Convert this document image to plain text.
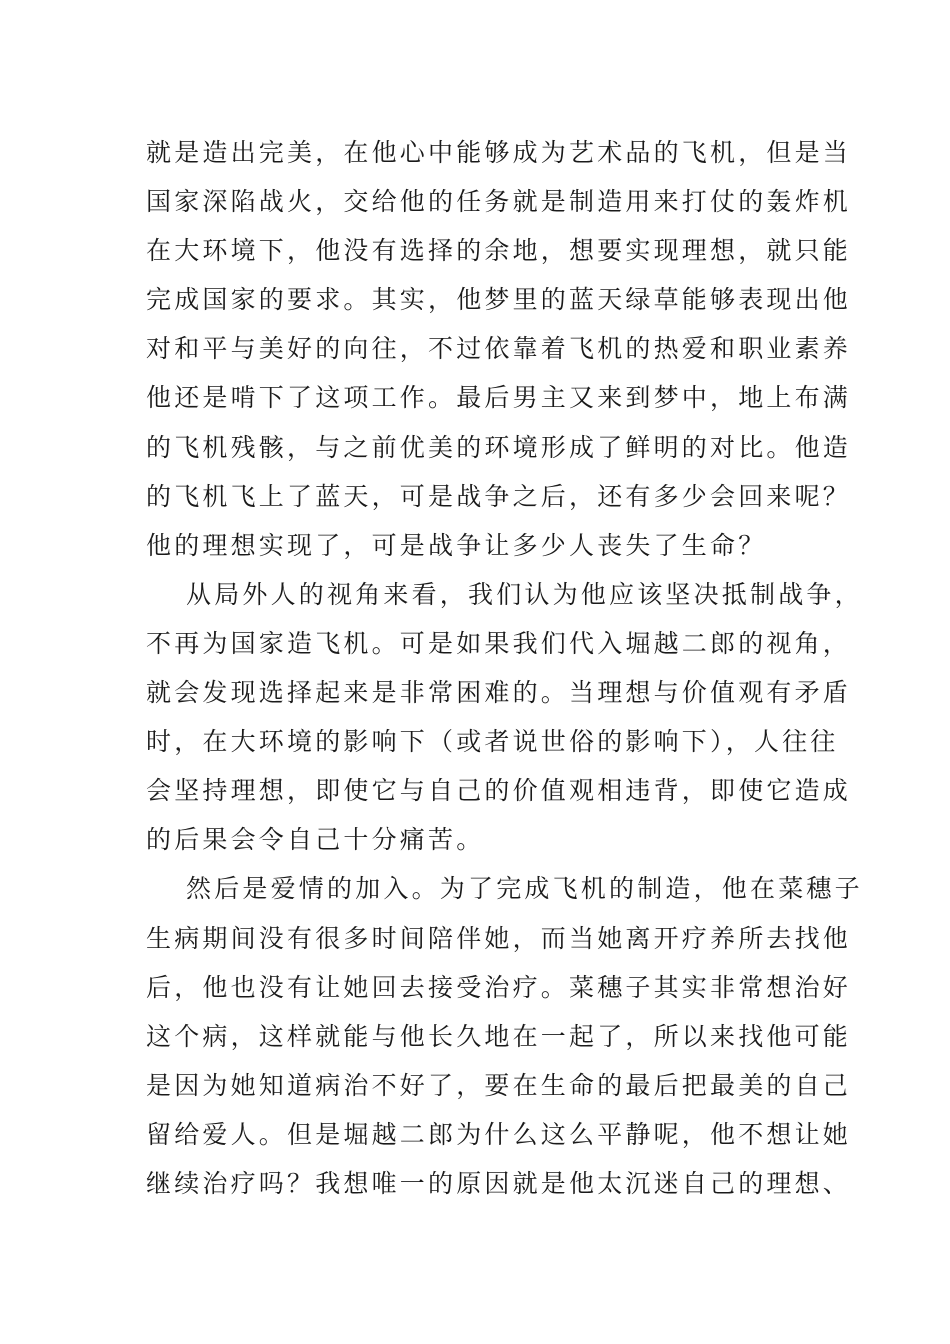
就是造出完美，在他心中能够成为艺术品的飞机，但是当
国家深陷战火，交给他的任务就是制造用来打仗的轰炸机
在大环境下，他没有选择的余地，想要实现理想，就只能
完成国家的要求。其实，他梦里的蓝天绿草能够表现出他
对和平与美好的向往，不过依靠着飞机的热爱和职业素养
他还是啃下了这项工作。最后男主又来到梦中，地上布满
的飞机残骸，与之前优美的环境形成了鲜明的对比。他造
的飞机飞上了蓝天，可是战争之后，还有多少会回来呢？
他的理想实现了，可是战争让多少人丧失了生命？
从局外人的视角来看，我们认为他应该坚决抵制战争，
不再为国家造飞机。可是如果我们代入堀越二郎的视角，
就会发现选择起来是非常困难的。当理想与价值观有矛盾
时，在大环境的影响下（或者说世俗的影响下），人往往
会坚持理想，即使它与自己的价值观相违背，即使它造成
的后果会令自己十分痛苦。
然后是爱情的加入。为了完成飞机的制造，他在菜穗子
生病期间没有很多时间陪伴她，而当她离开疗养所去找他
后，他也没有让她回去接受治疗。菜穗子其实非常想治好
这个病，这样就能与他长久地在一起了，所以来找他可能
是因为她知道病治不好了，要在生命的最后把最美的自己
留给爱人。但是堀越二郎为什么这么平静呢，他不想让她
继续治疗吗？我想唯一的原因就是他太沉迷自己的理想、
